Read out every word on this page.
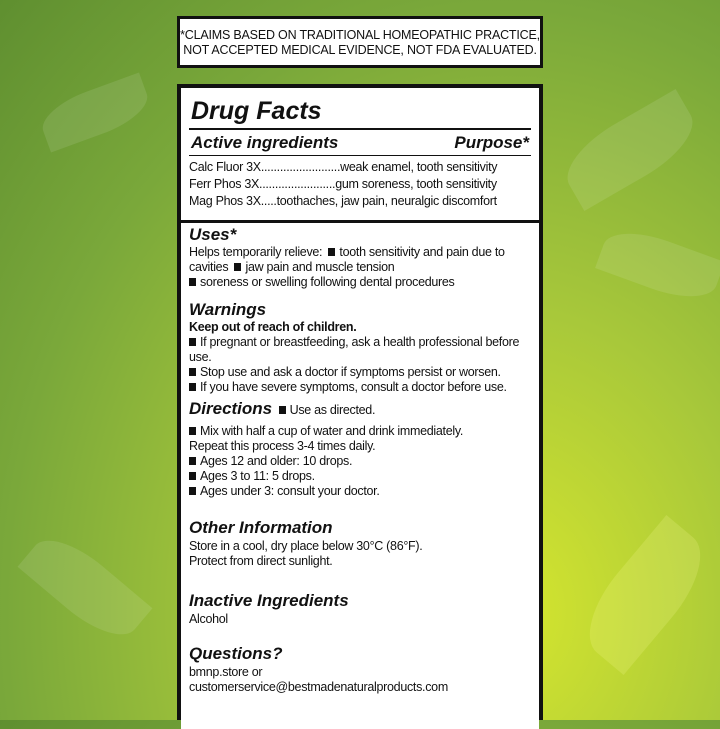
*CLAIMS BASED ON TRADITIONAL HOMEOPATHIC PRACTICE,
NOT ACCEPTED MEDICAL EVIDENCE, NOT FDA EVALUATED.
Drug Facts
Active ingredients	Purpose*
Calc Fluor 3X.........................weak enamel, tooth sensitivity
Ferr Phos 3X........................gum soreness, tooth sensitivity
Mag Phos 3X.....toothaches, jaw pain, neuralgic discomfort
Uses*
Helps temporarily relieve: tooth sensitivity and pain due to
cavities jaw pain and muscle tension
soreness or swelling following dental procedures
Warnings
Keep out of reach of children.
If pregnant or breastfeeding, ask a health professional before use.
Stop use and ask a doctor if symptoms persist or worsen.
If you have severe symptoms, consult a doctor before use.
Directions Use as directed.
Mix with half a cup of water and drink immediately.
Repeat this process 3-4 times daily.
Ages 12 and older: 10 drops.
Ages 3 to 11: 5 drops.
Ages under 3: consult your doctor.
Other Information
Store in a cool, dry place below 30°C (86°F).
Protect from direct sunlight.
Inactive Ingredients
Alcohol
Questions?
bmnp.store or
customerservice@bestmadenaturalproducts.com
